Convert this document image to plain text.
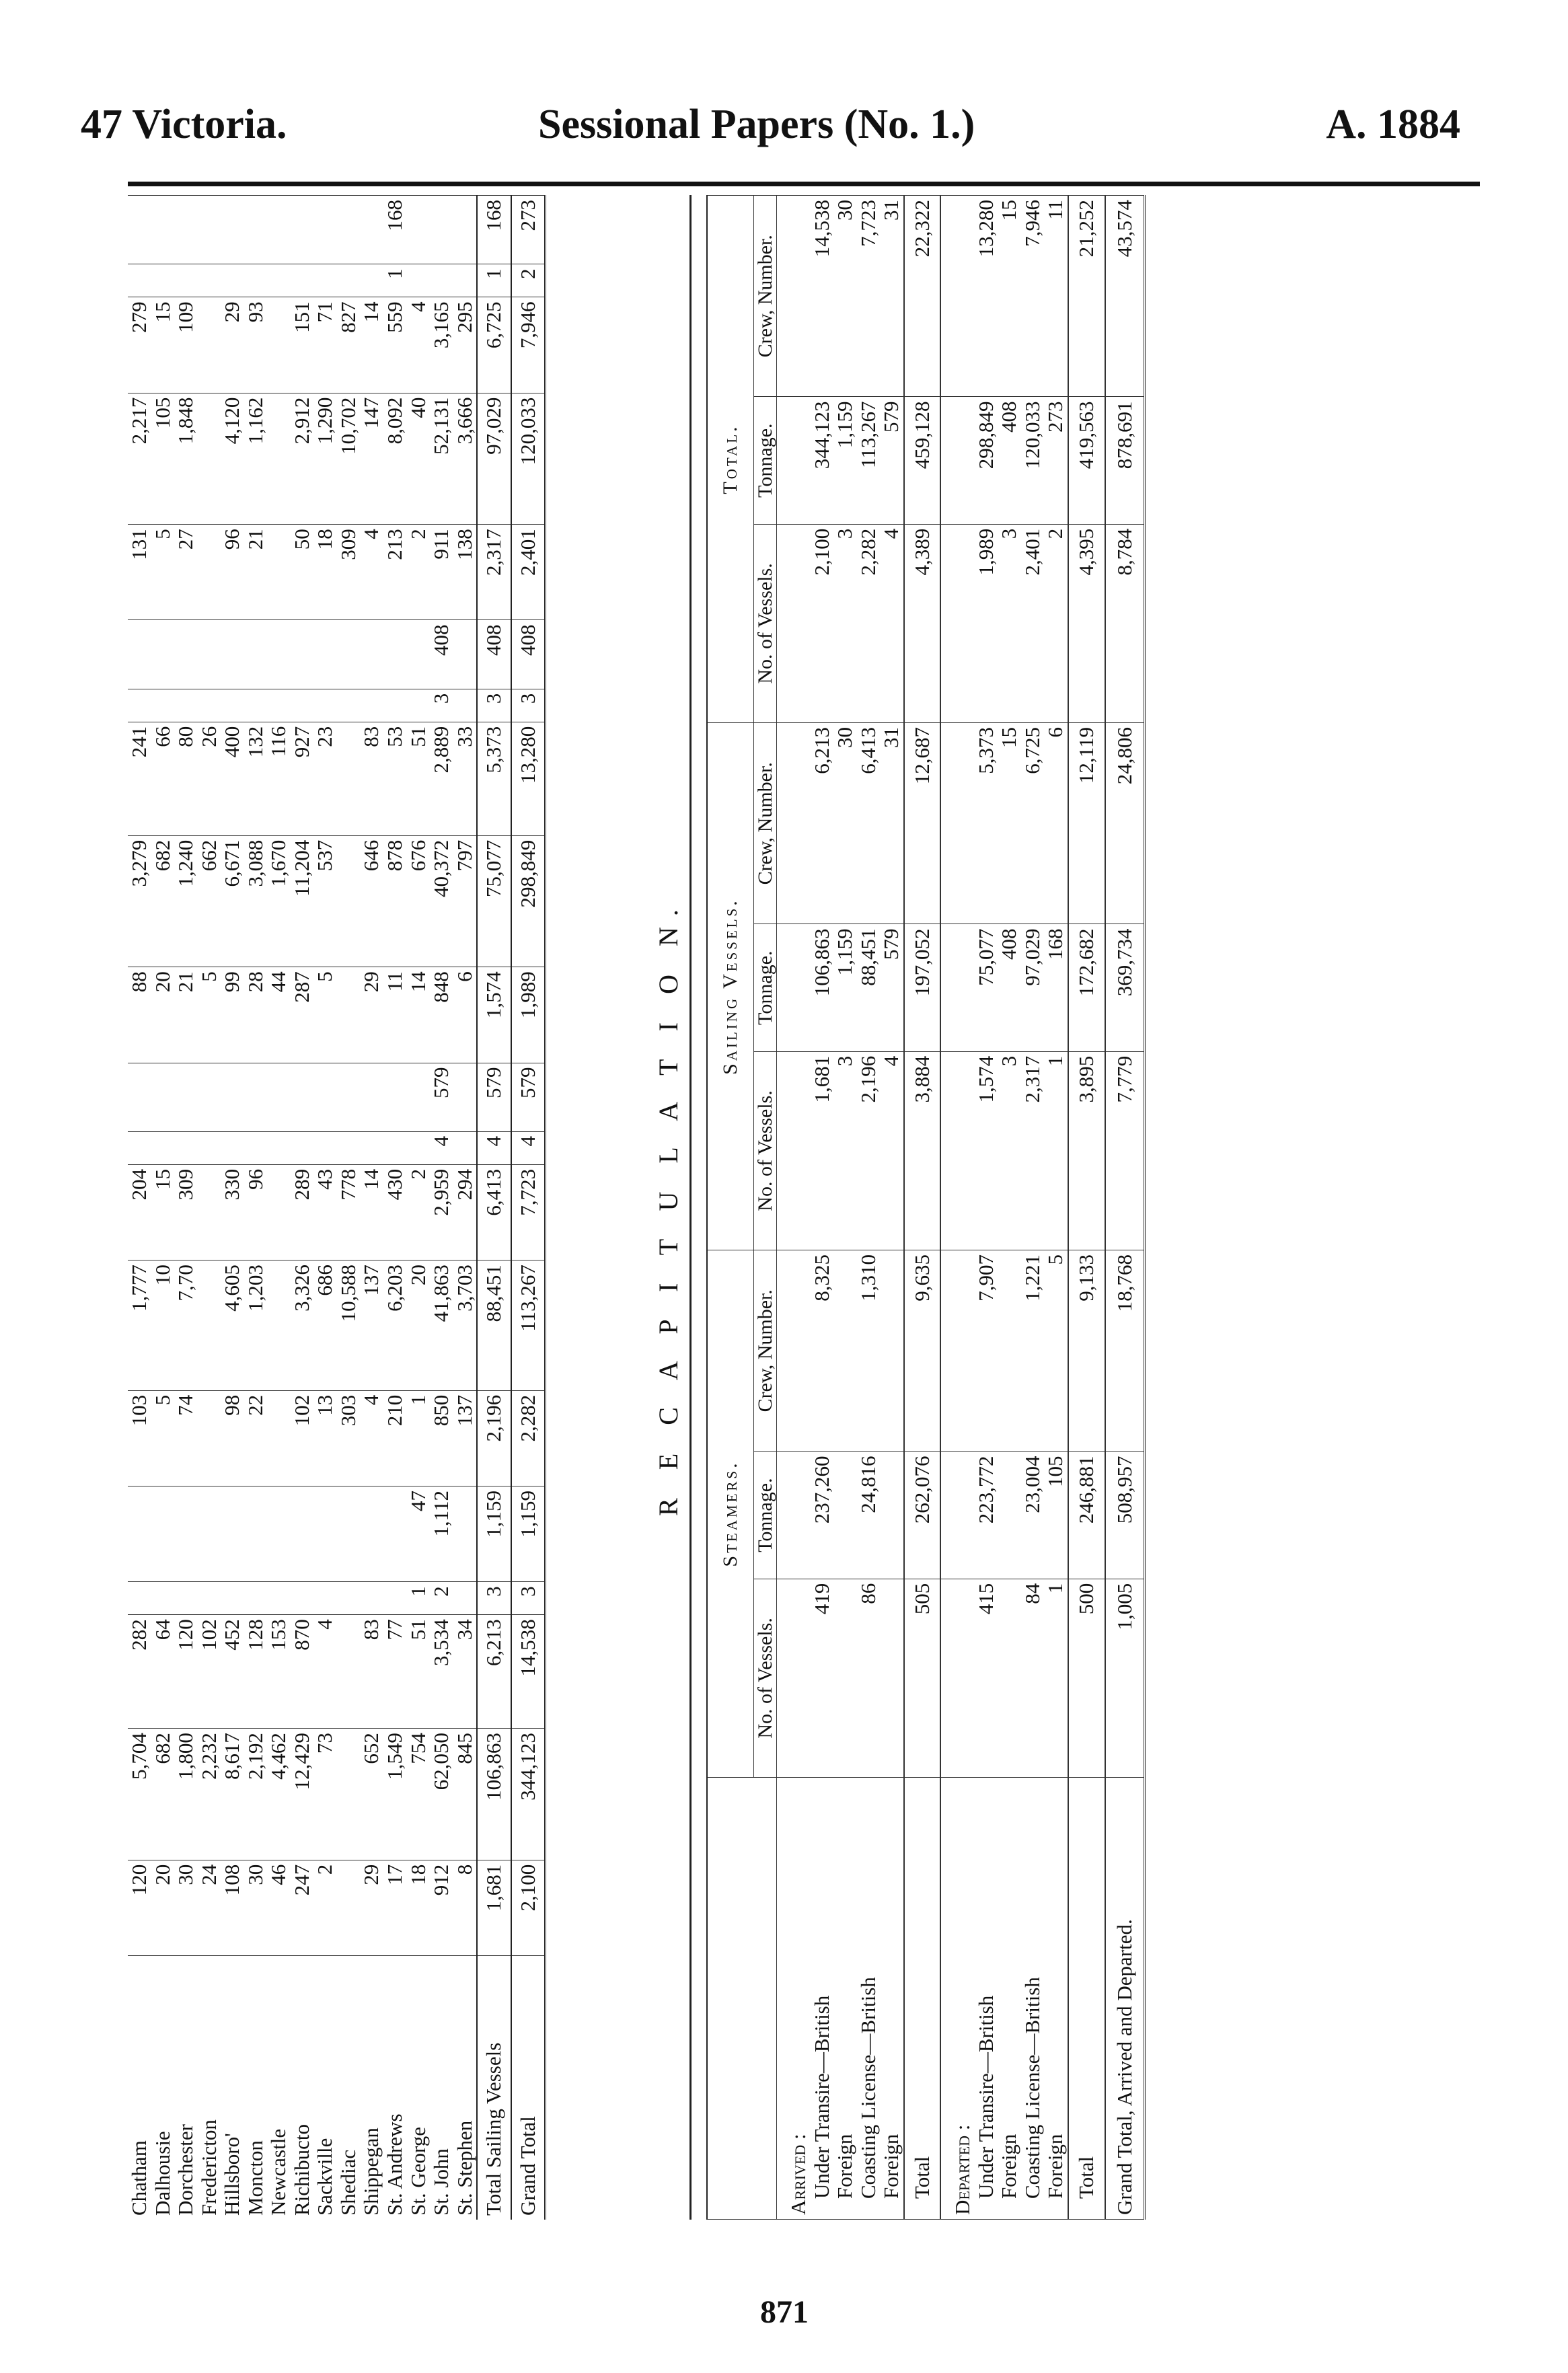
47 Victoria.	Sessional Papers (No. 1.)	A. 1884
Chatham	120	5,704	282			103	1,777	204			88	3,279	241			131	2,217	279		
Dalhousie	20	682	64			5	10	15			20	682	66			5	105	15		
Dorchester	30	1,800	120			74	7,70	309			21	1,240	80			27	1,848	109		
Fredericton	24	2,232	102								5	662	26							
Hillsboro'	108	8,617	452			98	4,605	330			99	6,671	400			96	4,120	29		
Moncton	30	2,192	128			22	1,203	96			28	3,088	132			21	1,162	93		
Newcastle	46	4,462	153								44	1,670	116							
Richibucto	247	12,429	870			102	3,326	289			287	11,204	927			50	2,912	151		
Sackville	2	73	4			13	686	43			5	537	23			18	1,290	71		
Shediac						303	10,588	778								309	10,702	827		
Shippegan	29	652	83			4	137	14			29	646	83			4	147	14		
St. Andrews	17	1,549	77			210	6,203	430			11	878	53			213	8,092	559	1	168
St. George	18	754	51	1	47	1	20	2			14	676	51			2	40	4		
St. John	912	62,050	3,534	2	1,112	850	41,863	2,959	4	579	848	40,372	2,889	3	408	911	52,131	3,165		
St. Stephen	8	845	34			137	3,703	294			6	797	33			138	3,666	295		
Total Sailing Vessels	1,681	106,863	6,213	3	1,159	2,196	88,451	6,413	4	579	1,574	75,077	5,373	3	408	2,317	97,029	6,725	1	168
Grand Total	2,100	344,123	14,538	3	1,159	2,282	113,267	7,723	4	579	1,989	298,849	13,280	3	408	2,401	120,033	7,946	2	273
R E C A P I T U L A T I O N.
	Steamers.			Sailing Vessels.			Total.		
	No. of Vessels.	Tonnage.	Crew, Number.	No. of Vessels.	Tonnage.	Crew, Number.	No. of Vessels.	Tonnage.	Crew, Number.
Arrived :									
Under Transire—British	419	237,260	8,325	1,681	106,863	6,213	2,100	344,123	14,538
Foreign				3	1,159	30	3	1,159	30
Coasting License—British	86	24,816	1,310	2,196	88,451	6,413	2,282	113,267	7,723
Foreign				4	579	31	4	579	31
Total	505	262,076	9,635	3,884	197,052	12,687	4,389	459,128	22,322
Departed :									
Under Transire—British	415	223,772	7,907	1,574	75,077	5,373	1,989	298,849	13,280
Foreign				3	408	15	3	408	15
Coasting License—British	84	23,004	1,221	2,317	97,029	6,725	2,401	120,033	7,946
Foreign	1	105	5	1	168	6	2	273	11
Total	500	246,881	9,133	3,895	172,682	12,119	4,395	419,563	21,252
Grand Total, Arrived and Departed.	1,005	508,957	18,768	7,779	369,734	24,806	8,784	878,691	43,574
871
